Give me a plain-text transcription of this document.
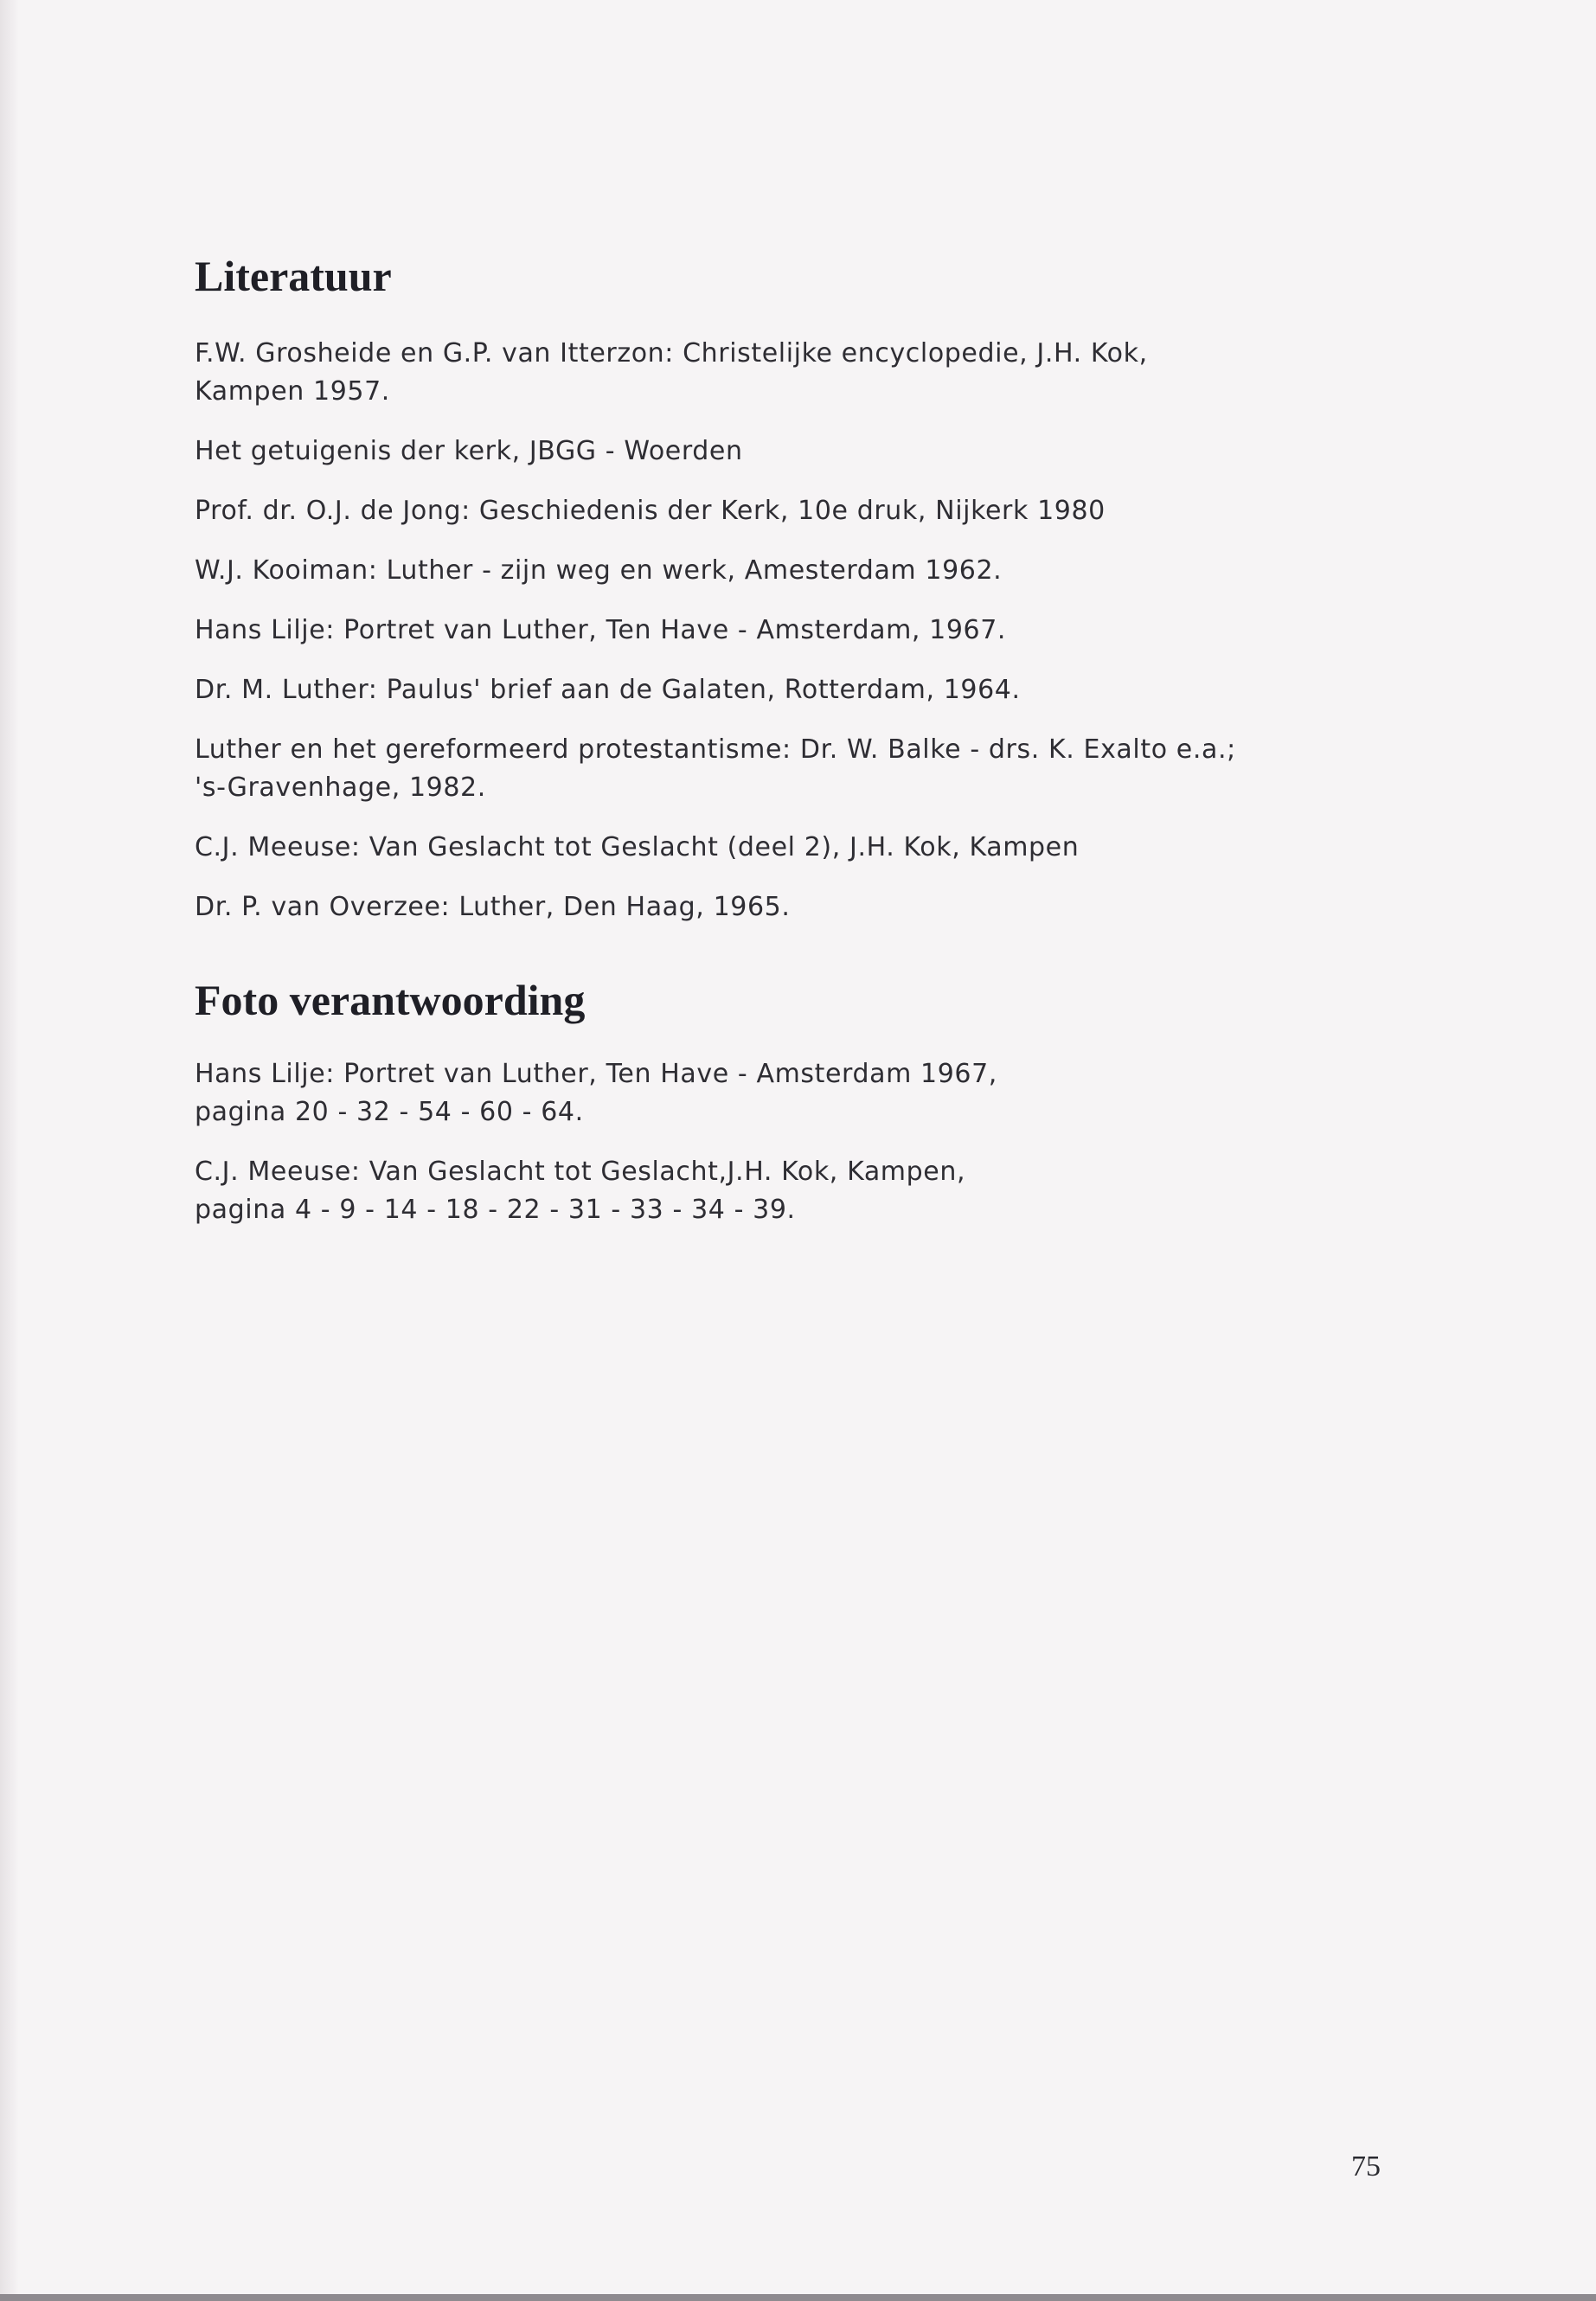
Literatuur

F.W. Grosheide en G.P. van Itterzon: Christelijke encyclopedie, J.H. Kok,
Kampen 1957.

Het getuigenis der kerk, JBGG - Woerden

Prof. dr. O.J. de Jong: Geschiedenis der Kerk, 10e druk, Nijkerk 1980

W.J. Kooiman: Luther - zijn weg en werk, Amesterdam 1962.

Hans Lilje: Portret van Luther, Ten Have - Amsterdam, 1967.

Dr. M. Luther: Paulus' brief aan de Galaten, Rotterdam, 1964.

Luther en het gereformeerd protestantisme: Dr. W. Balke - drs. K. Exalto e.a.;
's-Gravenhage, 1982.

C.J. Meeuse: Van Geslacht tot Geslacht (deel 2), J.H. Kok, Kampen

Dr. P. van Overzee: Luther, Den Haag, 1965.

Foto verantwoording

Hans Lilje: Portret van Luther, Ten Have - Amsterdam 1967,
pagina 20 - 32 - 54 - 60 - 64.

C.J. Meeuse: Van Geslacht tot Geslacht,J.H. Kok, Kampen,
pagina 4 - 9 - 14 - 18 - 22 - 31 - 33 - 34 - 39.

75
